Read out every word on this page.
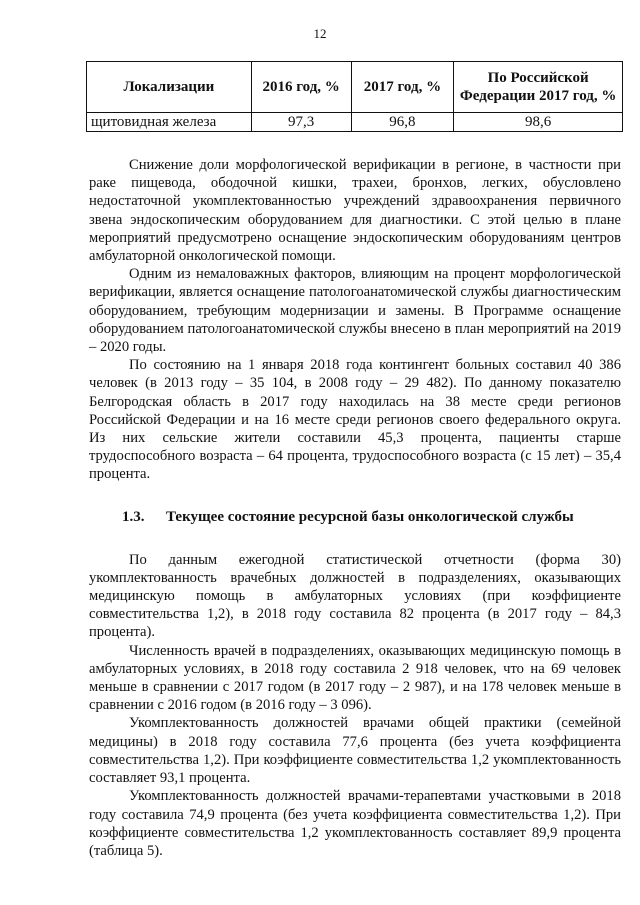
12
Локализации	2016 год, %	2017 год, %	По Российской Федерации 2017 год, %
щитовидная железа	97,3	96,8	98,6

Снижение доли морфологической верификации в регионе, в частности при раке пищевода, ободочной кишки, трахеи, бронхов, легких, обусловлено недостаточной укомплектованностью учреждений здравоохранения первичного звена эндоскопическим оборудованием для диагностики. С этой целью в плане мероприятий предусмотрено оснащение эндоскопическим оборудованиям центров амбулаторной онкологической помощи.

Одним из немаловажных факторов, влияющим на процент морфологической верификации, является оснащение патологоанатомической службы диагностическим оборудованием, требующим модернизации и замены. В Программе оснащение оборудованием патологоанатомической службы внесено в план мероприятий на 2019 – 2020 годы.

По состоянию на 1 января 2018 года контингент больных составил 40 386 человек (в 2013 году – 35 104, в 2008 году – 29 482). По данному показателю Белгородская область в 2017 году находилась на 38 месте среди регионов Российской Федерации и на 16 месте среди регионов своего федерального округа. Из них сельские жители составили 45,3 процента, пациенты старше трудоспособного возраста – 64 процента, трудоспособного возраста (с 15 лет) – 35,4 процента.

1.3. Текущее состояние ресурсной базы онкологической службы

По данным ежегодной статистической отчетности (форма 30) укомплектованность врачебных должностей в подразделениях, оказывающих медицинскую помощь в амбулаторных условиях (при коэффициенте совместительства 1,2), в 2018 году составила 82 процента (в 2017 году – 84,3 процента).

Численность врачей в подразделениях, оказывающих медицинскую помощь в амбулаторных условиях, в 2018 году составила 2 918 человек, что на 69 человек меньше в сравнении с 2017 годом (в 2017 году – 2 987), и на 178 человек меньше в сравнении с 2016 годом (в 2016 году – 3 096).

Укомплектованность должностей врачами общей практики (семейной медицины) в 2018 году составила 77,6 процента (без учета коэффициента совместительства 1,2). При коэффициенте совместительства 1,2 укомплектованность составляет 93,1 процента.

Укомплектованность должностей врачами-терапевтами участковыми в 2018 году составила 74,9 процента (без учета коэффициента совместительства 1,2). При коэффициенте совместительства 1,2 укомплектованность составляет 89,9 процента (таблица 5).
